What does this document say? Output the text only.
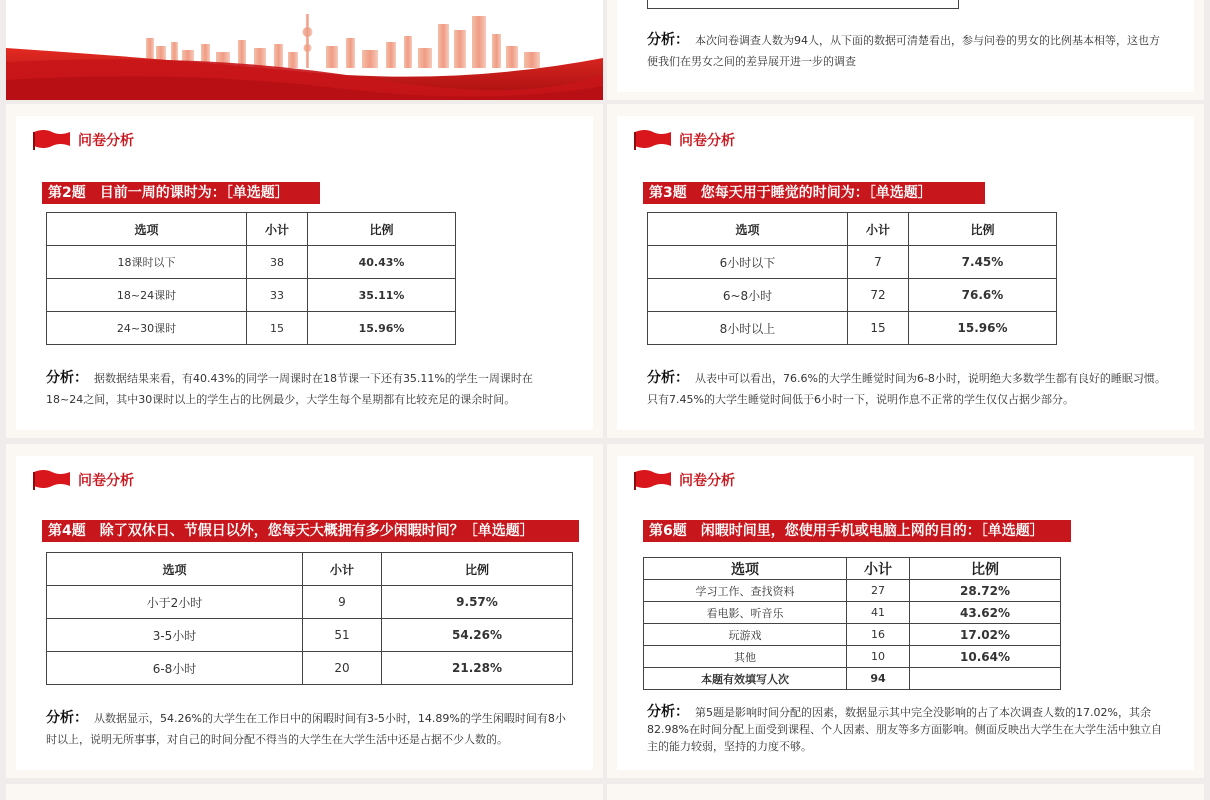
分析： 本次问卷调查人数为94人，从下面的数据可清楚看出，参与问卷的男女的比例基本相等，这也方便我们在男女之间的差异展开进一步的调查
问卷分析
第2题　目前一周的课时为：［单选题］
选项	小计	比例
18课时以下	38	40.43%
18~24课时	33	35.11%
24~30课时	15	15.96%
分析： 据数据结果来看，有40.43%的同学一周课时在18节课一下还有35.11%的学生一周课时在18~24之间，其中30课时以上的学生占的比例最少，大学生每个星期都有比较充足的课余时间。
问卷分析
第3题　您每天用于睡觉的时间为：［单选题］
选项	小计	比例
6小时以下	7	7.45%
6~8小时	72	76.6%
8小时以上	15	15.96%
分析： 从表中可以看出，76.6%的大学生睡觉时间为6-8小时，说明绝大多数学生都有良好的睡眠习惯。只有7.45%的大学生睡觉时间低于6小时一下，说明作息不正常的学生仅仅占据少部分。
问卷分析
第4题　除了双休日、节假日以外，您每天大概拥有多少闲暇时间？［单选题］
选项	小计	比例
小于2小时	9	9.57%
3-5小时	51	54.26%
6-8小时	20	21.28%
分析： 从数据显示，54.26%的大学生在工作日中的闲暇时间有3-5小时，14.89%的学生闲暇时间有8小时以上，说明无所事事，对自己的时间分配不得当的大学生在大学生活中还是占据不少人数的。
问卷分析
第6题　闲暇时间里，您使用手机或电脑上网的目的：［单选题］
选项	小计	比例
学习工作、查找资料	27	28.72%
看电影、听音乐	41	43.62%
玩游戏	16	17.02%
其他	10	10.64%
本题有效填写人次	94	
分析： 第5题是影响时间分配的因素，数据显示其中完全没影响的占了本次调查人数的17.02%，其余82.98%在时间分配上面受到课程、个人因素、朋友等多方面影响。侧面反映出大学生在大学生活中独立自主的能力较弱，坚持的力度不够。
